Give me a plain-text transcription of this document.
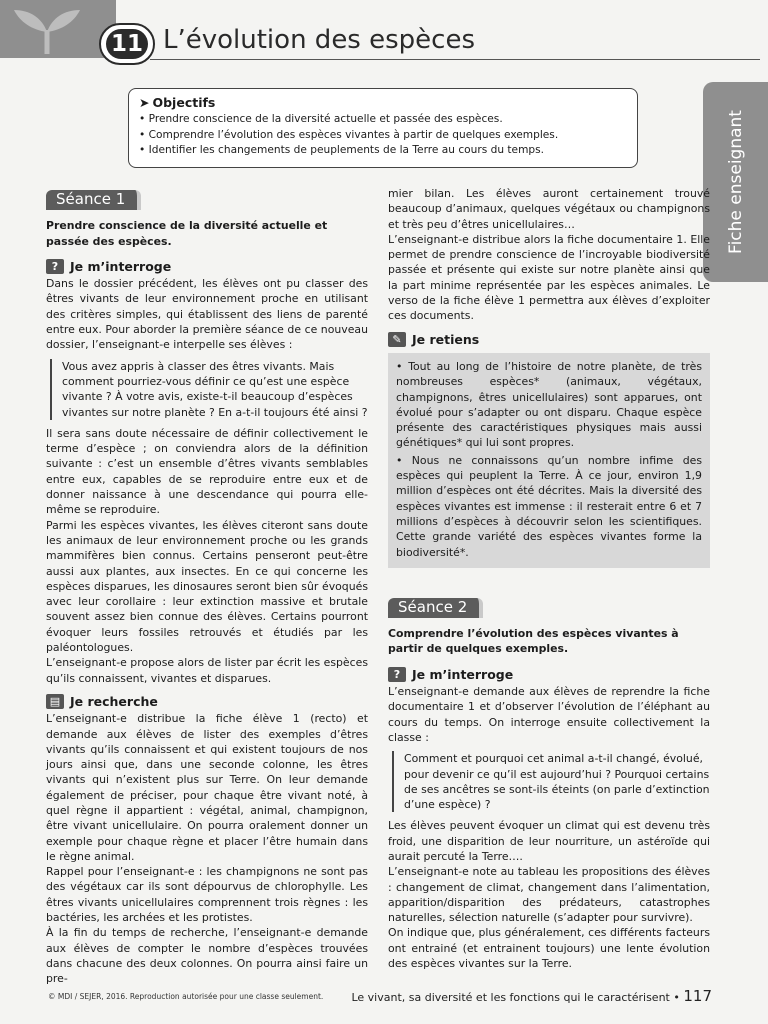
11 L’évolution des espèces
➤ Objectifs
• Prendre conscience de la diversité actuelle et passée des espèces.
• Comprendre l’évolution des espèces vivantes à partir de quelques exemples.
• Identifier les changements de peuplements de la Terre au cours du temps.	Fiche enseignant
Séance 1

Prendre conscience de la diversité actuelle et passée des espèces.

? Je m’interroge

Dans le dossier précédent, les élèves ont pu classer des êtres vivants de leur environnement proche en utilisant des critères simples, qui établissent des liens de parenté entre eux. Pour aborder la première séance de ce nouveau dossier, l’enseignant-e interpelle ses élèves :

Vous avez appris à classer des êtres vivants. Mais comment pourriez-vous définir ce qu’est une espèce vivante ? À votre avis, existe-t-il beaucoup d’espèces vivantes sur notre planète ? En a-t-il toujours été ainsi ?

Il sera sans doute nécessaire de définir collectivement le terme d’espèce ; on conviendra alors de la définition suivante : c’est un ensemble d’êtres vivants semblables entre eux, capables de se reproduire entre eux et de donner naissance à une descendance qui pourra elle-même se reproduire.

Parmi les espèces vivantes, les élèves citeront sans doute les animaux de leur environnement proche ou les grands mammifères bien connus. Certains penseront peut-être aussi aux plantes, aux insectes. En ce qui concerne les espèces disparues, les dinosaures seront bien sûr évoqués avec leur corollaire : leur extinction massive et brutale souvent assez bien connue des élèves. Certains pourront évoquer leurs fossiles retrouvés et étudiés par les paléontologues.

L’enseignant-e propose alors de lister par écrit les espèces qu’ils connaissent, vivantes et disparues.

▤ Je recherche

L’enseignant-e distribue la fiche élève 1 (recto) et demande aux élèves de lister des exemples d’êtres vivants qu’ils connaissent et qui existent toujours de nos jours ainsi que, dans une seconde colonne, les êtres vivants qui n’existent plus sur Terre. On leur demande également de préciser, pour chaque être vivant noté, à quel règne il appartient : végétal, animal, champignon, être vivant unicellulaire. On pourra oralement donner un exemple pour chaque règne et placer l’être humain dans le règne animal.

Rappel pour l’enseignant-e : les champignons ne sont pas des végétaux car ils sont dépourvus de chlorophylle. Les êtres vivants unicellulaires comprennent trois règnes : les bactéries, les archées et les protistes.

À la fin du temps de recherche, l’enseignant-e demande aux élèves de compter le nombre d’espèces trouvées dans chacune des deux colonnes. On pourra ainsi faire un pre-

mier bilan. Les élèves auront certainement trouvé beaucoup d’animaux, quelques végétaux ou champignons et très peu d’êtres unicellulaires…

L’enseignant-e distribue alors la fiche documentaire 1. Elle permet de prendre conscience de l’incroyable biodiversité passée et présente qui existe sur notre planète ainsi que la part minime représentée par les espèces animales. Le verso de la fiche élève 1 permettra aux élèves d’exploiter ces documents.

✎ Je retiens

• Tout au long de l’histoire de notre planète, de très nombreuses espèces* (animaux, végétaux, champignons, êtres unicellulaires) sont apparues, ont évolué pour s’adapter ou ont disparu. Chaque espèce présente des caractéristiques physiques mais aussi génétiques* qui lui sont propres.

• Nous ne connaissons qu’un nombre infime des espèces qui peuplent la Terre. À ce jour, environ 1,9 million d’espèces ont été décrites. Mais la diversité des espèces vivantes est immense : il resterait entre 6 et 7 millions d’espèces à découvrir selon les scientifiques. Cette grande variété des espèces vivantes forme la biodiversité*.

Séance 2

Comprendre l’évolution des espèces vivantes à partir de quelques exemples.

? Je m’interroge

L’enseignant-e demande aux élèves de reprendre la fiche documentaire 1 et d’observer l’évolution de l’éléphant au cours du temps. On interroge ensuite collectivement la classe :

Comment et pourquoi cet animal a-t-il changé, évolué, pour devenir ce qu’il est aujourd’hui ? Pourquoi certains de ses ancêtres se sont-ils éteints (on parle d’extinction d’une espèce) ?

Les élèves peuvent évoquer un climat qui est devenu très froid, une disparition de leur nourriture, un astéroïde qui aurait percuté la Terre….

L’enseignant-e note au tableau les propositions des élèves : changement de climat, changement dans l’alimentation, apparition/disparition des prédateurs, catastrophes naturelles, sélection naturelle (s’adapter pour survivre).

On indique que, plus généralement, ces différents facteurs ont entrainé (et entrainent toujours) une lente évolution des espèces vivantes sur la Terre.

© MDI / SEJER, 2016. Reproduction autorisée pour une classe seulement.	Le vivant, sa diversité et les fonctions qui le caractérisent • 117
